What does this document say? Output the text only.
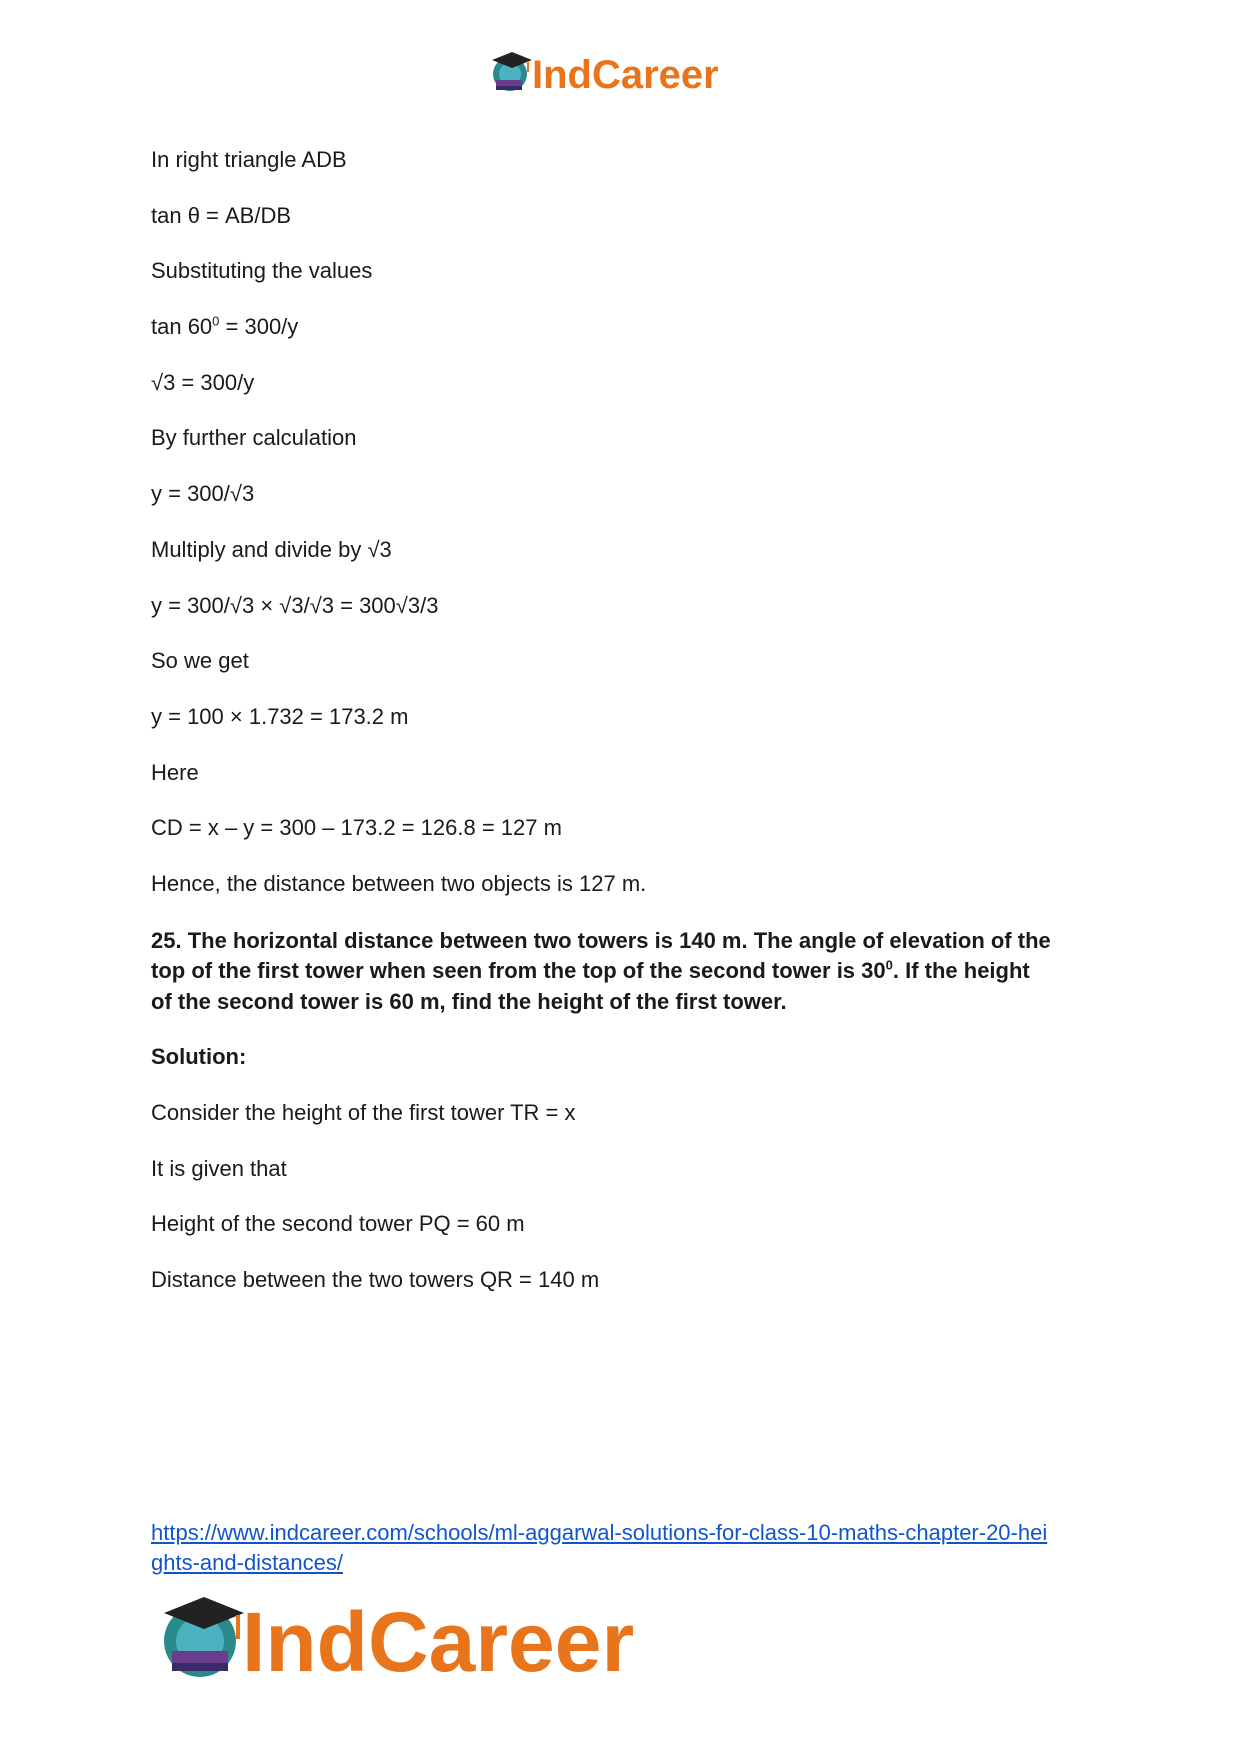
IndCareer
In right triangle ADB
tan θ = AB/DB
Substituting the values
$\tan 60^0 = 300/y$
√3 = 300/y
By further calculation
y = 300/√3
Multiply and divide by √3
y = 300/√3 × √3/√3 = 300√3/3
So we get
y = 100 × 1.732 = 173.2 m
Here
CD = x – y = 300 – 173.2 = 126.8 = 127 m
Hence, the distance between two objects is 127 m.
25. The horizontal distance between two towers is 140 m. The angle of elevation of the
top of the first tower when seen from the top of the second tower is $30^0$. If the height
of the second tower is 60 m, find the height of the first tower.
Solution:
Consider the height of the first tower TR = x
It is given that
Height of the second tower PQ = 60 m
Distance between the two towers QR = 140 m
https://www.indcareer.com/schools/ml-aggarwal-solutions-for-class-10-maths-chapter-20-hei
ghts-and-distances/
IndCareer
